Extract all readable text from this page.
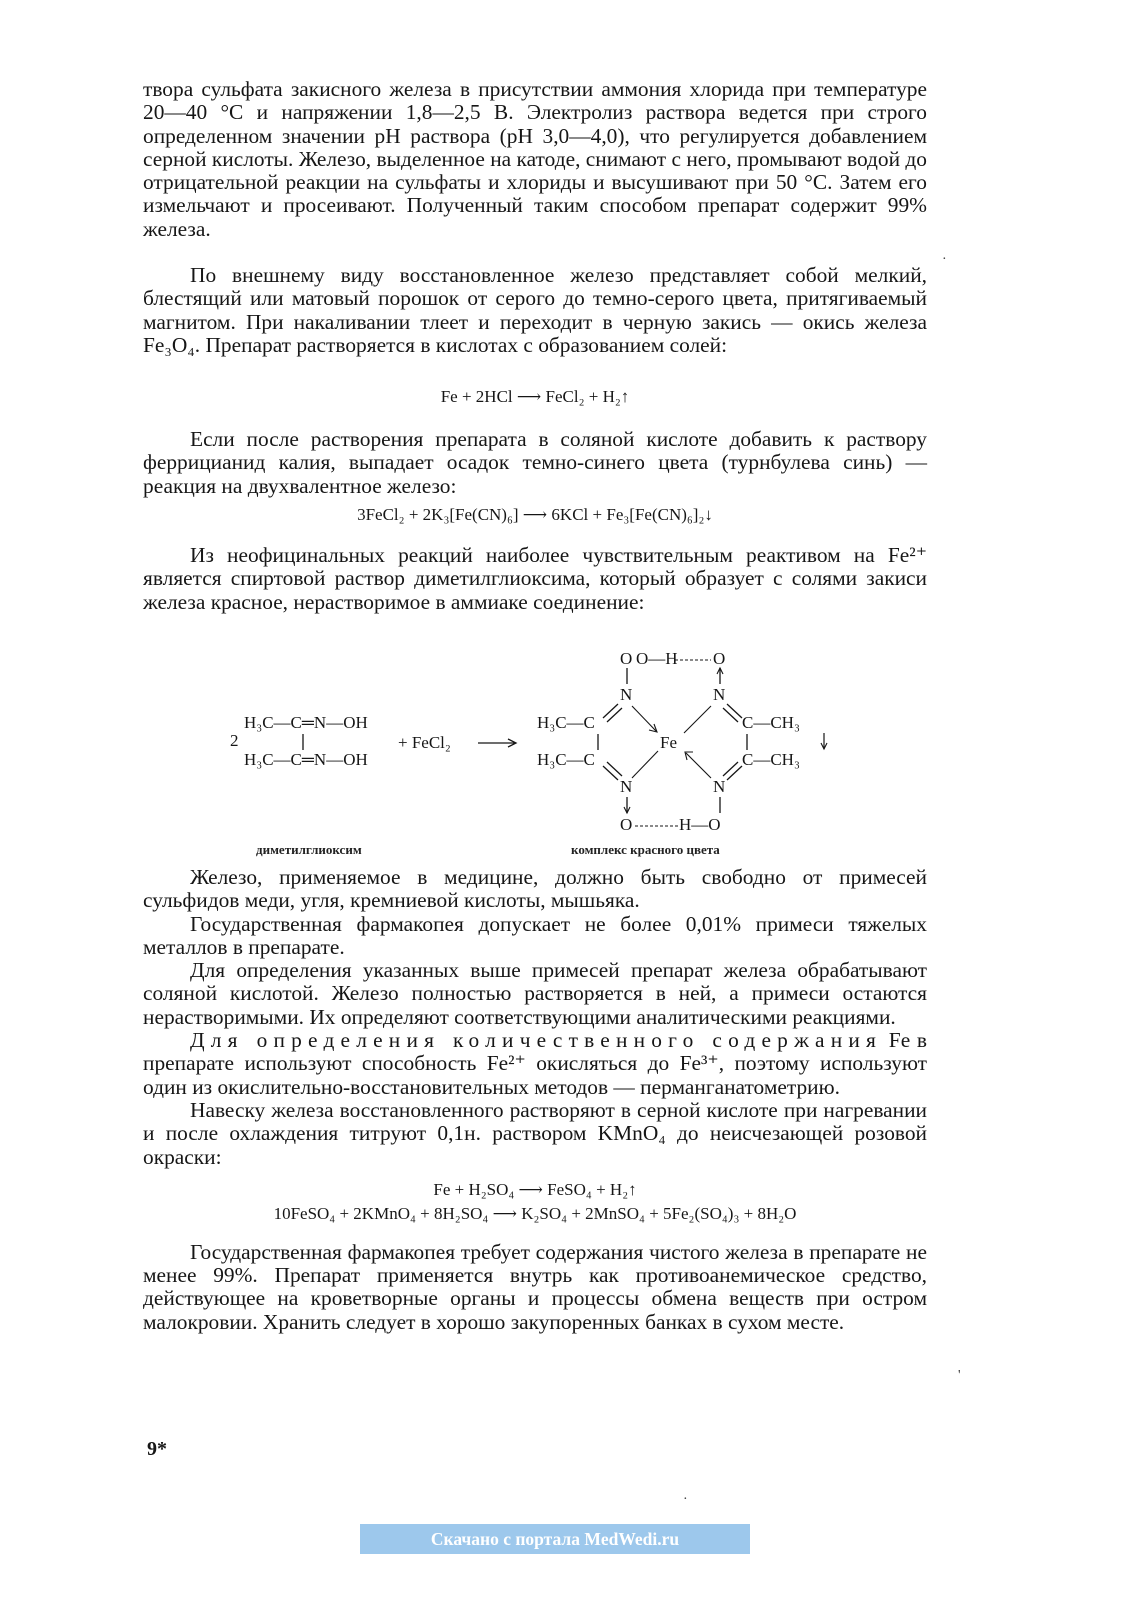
твора сульфата закисного железа в присутствии аммония хлорида при температуре 20—40 °C и напряжении 1,8—2,5 В. Электролиз раствора ведется при строго определенном значении pH раствора (pH 3,0—4,0), что регулируется добавлением серной кислоты. Железо, выделенное на катоде, снимают с него, промывают водой до отрицательной реакции на сульфаты и хлориды и высушивают при 50 °C. Затем его измельчают и просеивают. Полученный таким способом препарат содержит 99% железа.

По внешнему виду восстановленное железо представляет собой мелкий, блестящий или матовый порошок от серого до темно-серого цвета, притягиваемый магнитом. При накаливании тлеет и переходит в черную закись — окись железа Fe₃O₄. Препарат растворяется в кислотах с образованием солей:

Fe + 2HCl ⟶ FeCl₂ + H₂↑

Если после растворения препарата в соляной кислоте добавить к раствору феррицианид калия, выпадает осадок темно-синего цвета (турнбулева синь) — реакция на двухвалентное железо:

3FeCl₂ + 2K₃[Fe(CN)₆] ⟶ 6KCl + Fe₃[Fe(CN)₆]₂↓

Из неофицинальных реакций наиболее чувствительным реактивом на Fe²⁺ является спиртовой раствор диметилглиоксима, который образует с солями закиси железа красное, нерастворимое в аммиаке соединение:

Железо, применяемое в медицине, должно быть свободно от примесей сульфидов меди, угля, кремниевой кислоты, мышьяка.

Государственная фармакопея допускает не более 0,01% примеси тяжелых металлов в препарате.

Для определения указанных выше примесей препарат железа обрабатывают соляной кислотой. Железо полностью растворяется в ней, а примеси остаются нерастворимыми. Их определяют соответствующими аналитическими реакциями.

Для определения количественного содержания Fe в препарате используют способность Fe²⁺ окисляться до Fe³⁺, поэтому используют один из окислительно-восстановительных методов — перманганатометрию.

Навеску железа восстановленного растворяют в серной кислоте при нагревании и после охлаждения титруют 0,1н. раствором KMnO₄ до неисчезающей розовой окраски:

Fe + H₂SO₄ ⟶ FeSO₄ + H₂↑
10FeSO₄ + 2KMnO₄ + 8H₂SO₄ ⟶ K₂SO₄ + 2MnSO₄ + 5Fe₂(SO₄)₃ + 8H₂O

Государственная фармакопея требует содержания чистого железа в препарате не менее 99%. Препарат применяется внутрь как противоанемическое средство, действующее на кроветворные органы и процессы обмена веществ при остром малокровии. Хранить следует в хорошо закупоренных банках в сухом месте.

2
H₃C—C═N—OH
H₃C—C═N—OH
+ FeCl₂
O O—H O
N	N
H₃C—C
H₃C—C
C—CH₃
C—CH₃
Fe
N	N
O	H—O
диметилглиоксим	комплекс красного цвета
9*
Скачано с портала MedWedi.ru
'
·
·
